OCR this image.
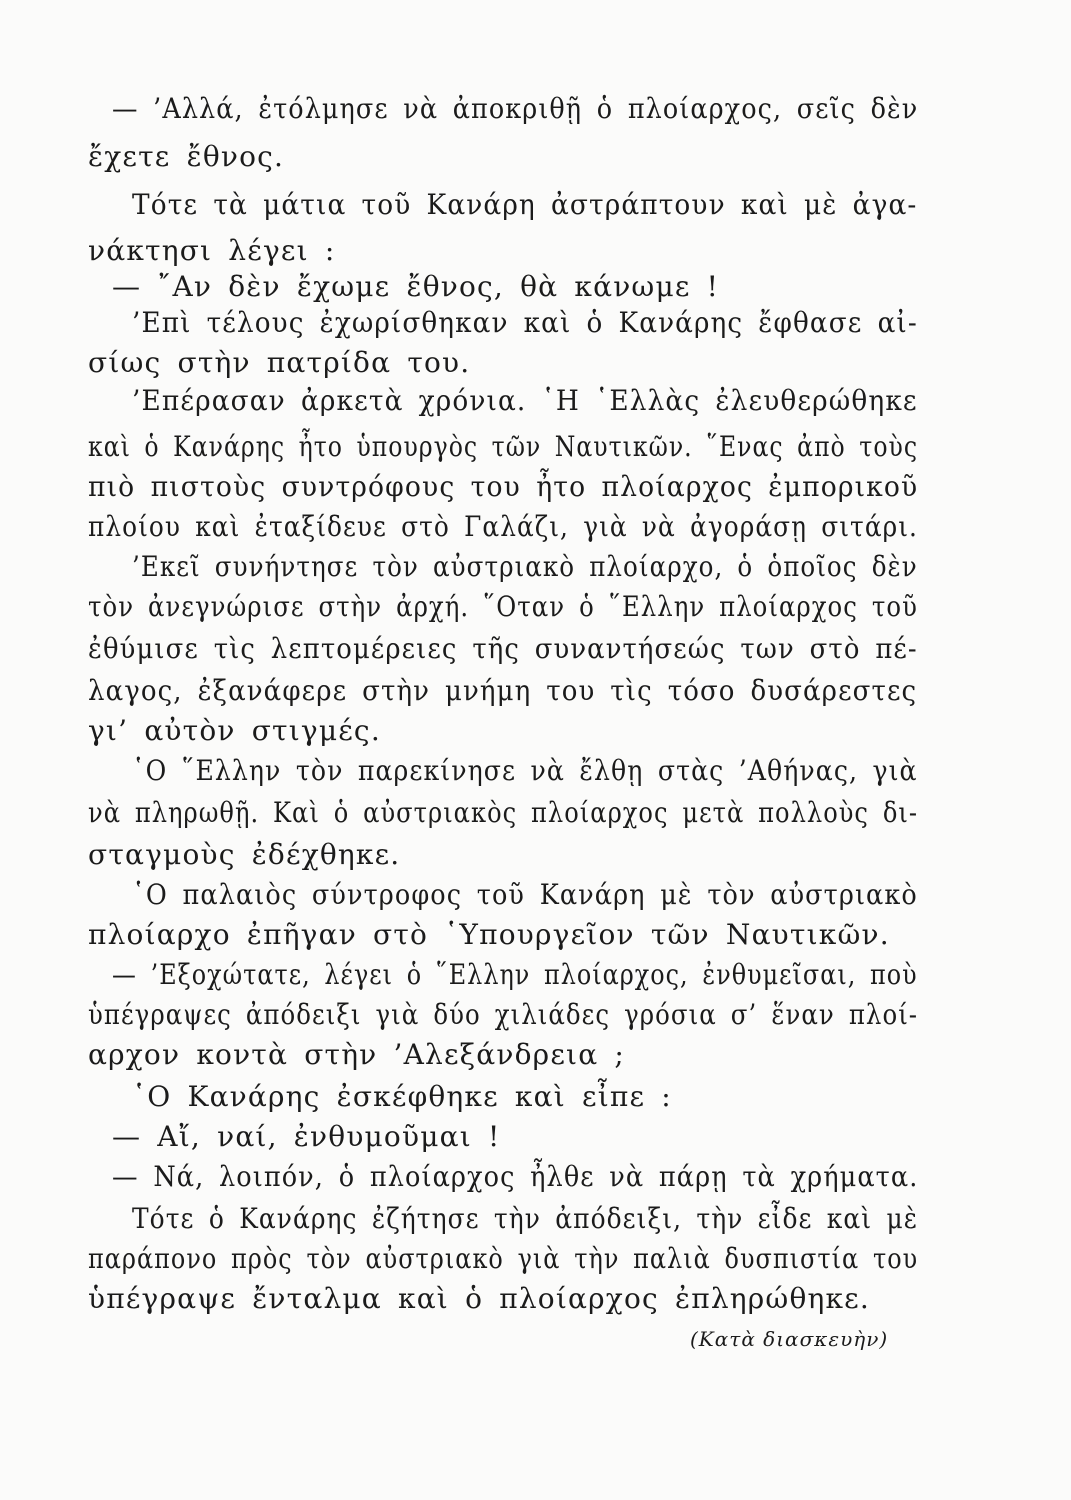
— ’Αλλά, ἐτόλμησε νὰ ἀποκριθῇ ὁ πλοίαρχος, σεῖς δὲν
ἔχετε ἔθνος.
Τότε τὰ μάτια τοῦ Κανάρη ἀστράπτουν καὶ μὲ ἀγα-
νάκτησι λέγει :
— ῎Αν δὲν ἔχωμε ἔθνος, θὰ κάνωμε !
’Επὶ τέλους ἐχωρίσθηκαν καὶ ὁ Κανάρης ἔφθασε αἰ-
σίως στὴν πατρίδα του.
’Επέρασαν ἀρκετὰ χρόνια. ῾Η ῾Ελλὰς ἐλευθερώθηκε
καὶ ὁ Κανάρης ἦτο ὑπουργὸς τῶν Ναυτικῶν. ῞Ενας ἀπὸ τοὺς
πιὸ πιστοὺς συντρόφους του ἦτο πλοίαρχος ἐμπορικοῦ
πλοίου καὶ ἐταξίδευε στὸ Γαλάζι, γιὰ νὰ ἀγοράσῃ σιτάρι.
’Εκεῖ συνήντησε τὸν αὐστριακὸ πλοίαρχο, ὁ ὁποῖος δὲν
τὸν ἀνεγνώρισε στὴν ἀρχή. ῞Οταν ὁ ῞Ελλην πλοίαρχος τοῦ
ἐθύμισε τὶς λεπτομέρειες τῆς συναντήσεώς των στὸ πέ-
λαγος, ἐξανάφερε στὴν μνήμη του τὶς τόσο δυσάρεστες
γι’ αὐτὸν στιγμές.
῾Ο ῞Ελλην τὸν παρεκίνησε νὰ ἔλθῃ στὰς ’Αθήνας, γιὰ
νὰ πληρωθῇ. Καὶ ὁ αὐστριακὸς πλοίαρχος μετὰ πολλοὺς δι-
σταγμοὺς ἐδέχθηκε.
῾Ο παλαιὸς σύντροφος τοῦ Κανάρη μὲ τὸν αὐστριακὸ
πλοίαρχο ἐπῆγαν στὸ ῾Υπουργεῖον τῶν Ναυτικῶν.
— ’Εξοχώτατε, λέγει ὁ ῞Ελλην πλοίαρχος, ἐνθυμεῖσαι, ποὺ
ὑπέγραψες ἀπόδειξι γιὰ δύο χιλιάδες γρόσια σ’ ἕναν πλοί-
αρχον κοντὰ στὴν ’Αλεξάνδρεια ;
῾Ο Κανάρης ἐσκέφθηκε καὶ εἶπε :
— Αἴ, ναί, ἐνθυμοῦμαι !
— Νά, λοιπόν, ὁ πλοίαρχος ἦλθε νὰ πάρῃ τὰ χρήματα.
Τότε ὁ Κανάρης ἐζήτησε τὴν ἀπόδειξι, τὴν εἶδε καὶ μὲ
παράπονο πρὸς τὸν αὐστριακὸ γιὰ τὴν παλιὰ δυσπιστία του
ὑπέγραψε ἔνταλμα καὶ ὁ πλοίαρχος ἐπληρώθηκε.
(Κατὰ διασκευὴν)
